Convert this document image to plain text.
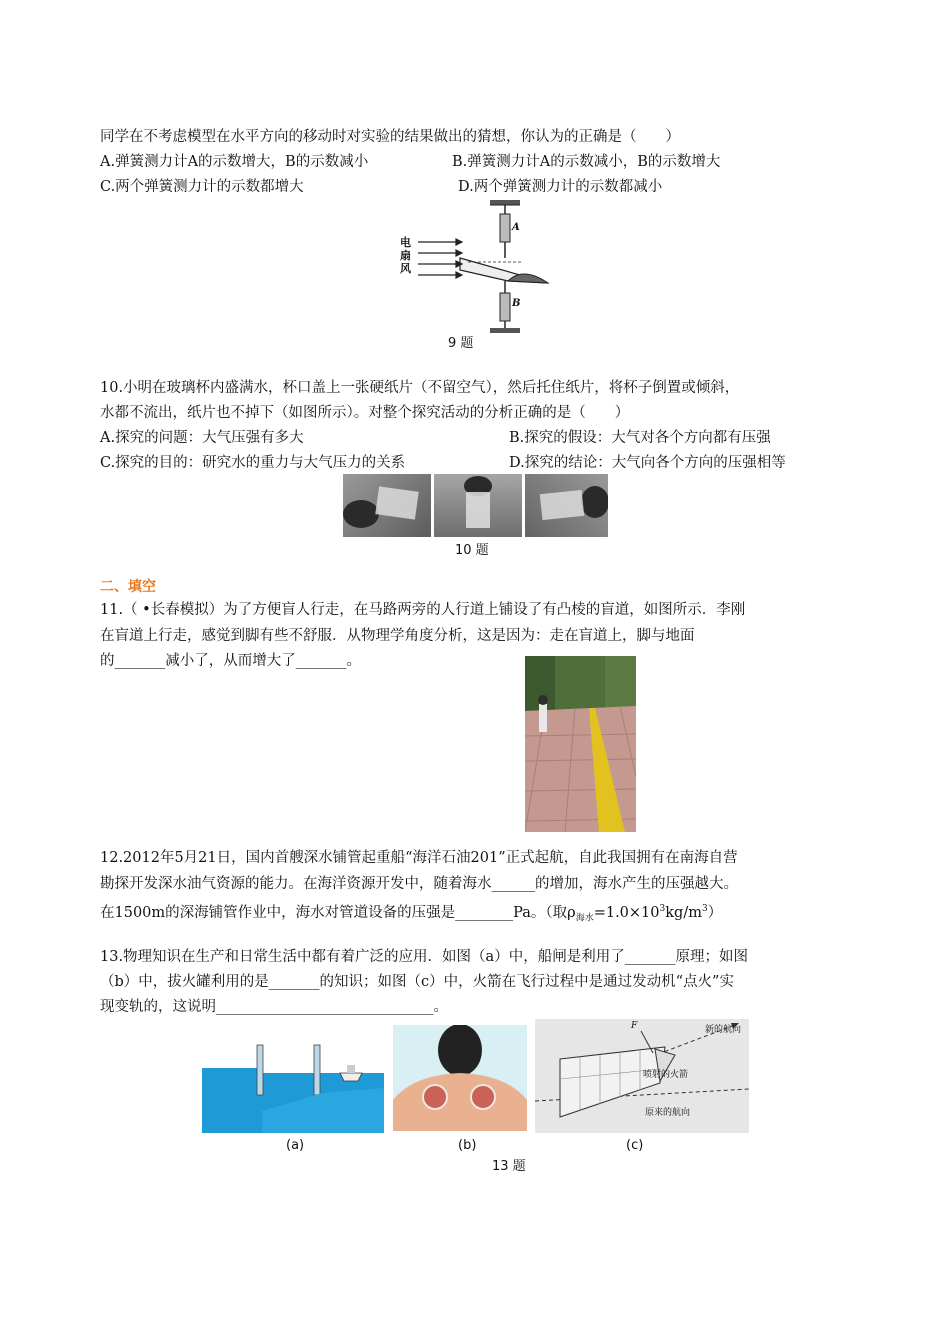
同学在不考虑模型在水平方向的移动时对实验的结果做出的猜想，你认为的正确是（　　）
A.弹簧测力计A的示数增大，B的示数减小	B.弹簧测力计A的示数减小，B的示数增大
C.两个弹簧测力计的示数都增大	D.两个弹簧测力计的示数都减小
电
扇
风
A
B
9 题
10.小明在玻璃杯内盛满水，杯口盖上一张硬纸片（不留空气），然后托住纸片，将杯子倒置或倾斜，
水都不流出，纸片也不掉下（如图所示）。对整个探究活动的分析正确的是（　　）
A.探究的问题：大气压强有多大	B.探究的假设：大气对各个方向都有压强
C.探究的目的：研究水的重力与大气压力的关系	D.探究的结论：大气向各个方向的压强相等
10 题
二、填空
11.（ •长春模拟）为了方便盲人行走，在马路两旁的人行道上铺设了有凸棱的盲道，如图所示．李刚
在盲道上行走，感觉到脚有些不舒服．从物理学角度分析，这是因为：走在盲道上，脚与地面
的_______减小了，从而增大了_______。
12.2012年5月21日，国内首艘深水铺管起重船“海洋石油201”正式起航，自此我国拥有在南海自营
勘探开发深水油气资源的能力。在海洋资源开发中，随着海水______的增加，海水产生的压强越大。
在1500m的深海铺管作业中，海水对管道设备的压强是________Pa。（取$\rho_{海水}=1.0\times 10^3kg/m^3$）
13.物理知识在生产和日常生活中都有着广泛的应用．如图（a）中，船闸是利用了_______原理；如图
（b）中，拔火罐利用的是_______的知识；如图（c）中，火箭在飞行过程中是通过发动机“点火”实
现变轨的，这说明______________________________。
(a)	(b)
F	新的航向
喷射的火箭
原来的航向
(c)
13 题
